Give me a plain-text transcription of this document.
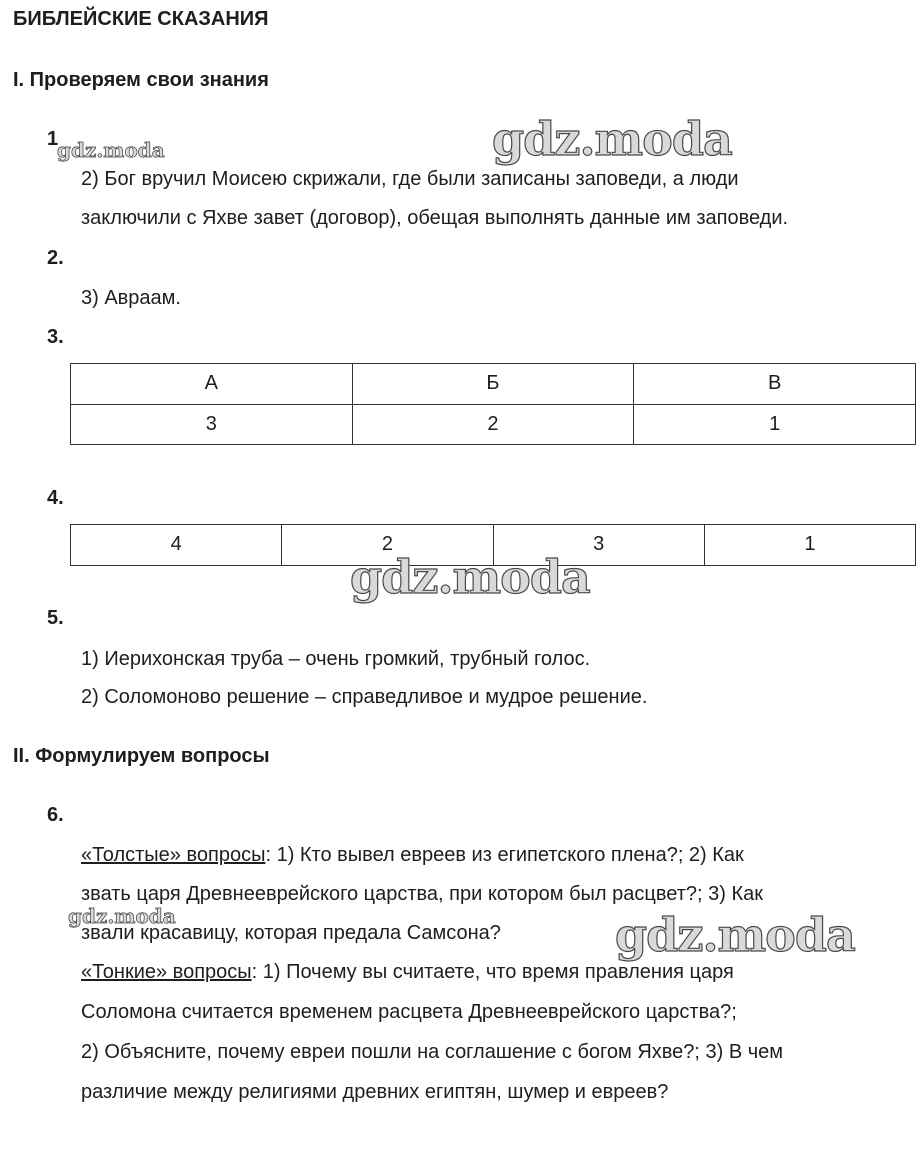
БИБЛЕЙСКИЕ СКАЗАНИЯ
I. Проверяем свои знания
1
2) Бог вручил Моисею скрижали, где были записаны заповеди, а люди
заключили с Яхве завет (договор), обещая выполнять данные им заповеди.
2.
3) Авраам.
3.
А	Б	В
3	2	1
4.
4	2	3	1
5.
1) Иерихонская труба – очень громкий, трубный голос.
2) Соломоново решение – справедливое и мудрое решение.
II. Формулируем вопросы
6.
«Толстые» вопросы: 1) Кто вывел евреев из египетского плена?; 2) Как
звать царя Древнееврейского царства, при котором был расцвет?; 3) Как
звали красавицу, которая предала Самсона?
«Тонкие» вопросы: 1) Почему вы считаете, что время правления царя
Соломона считается временем расцвета Древнееврейского царства?;
2) Объясните, почему евреи пошли на соглашение с богом Яхве?; 3) В чем
различие между религиями древних египтян, шумер и евреев?
gdz.moda	gdz.moda
gdz.moda
gdz.moda	gdz.moda
